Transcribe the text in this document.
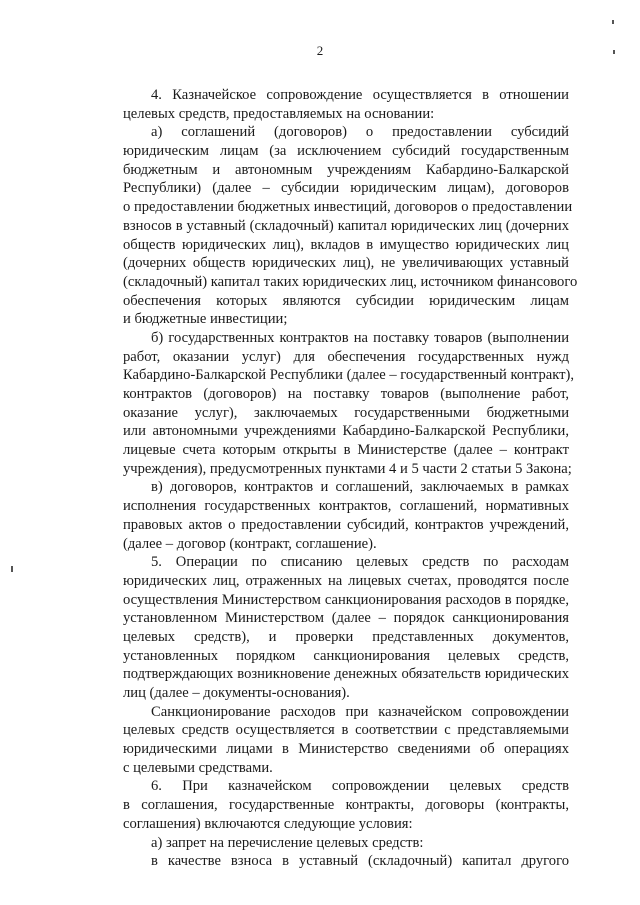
2
4. Казначейское сопровождение осуществляется в отношении
целевых средств, предоставляемых на основании:
а) соглашений (договоров) о предоставлении субсидий
юридическим лицам (за исключением субсидий государственным
бюджетным и автономным учреждениям Кабардино-Балкарской
Республики) (далее – субсидии юридическим лицам), договоров
о предоставлении бюджетных инвестиций, договоров о предоставлении
взносов в уставный (складочный) капитал юридических лиц (дочерних
обществ юридических лиц), вкладов в имущество юридических лиц
(дочерних обществ юридических лиц), не увеличивающих уставный
(складочный) капитал таких юридических лиц, источником финансового
обеспечения которых являются субсидии юридическим лицам
и бюджетные инвестиции;
б) государственных контрактов на поставку товаров (выполнении
работ, оказании услуг) для обеспечения государственных нужд
Кабардино-Балкарской Республики (далее – государственный контракт),
контрактов (договоров) на поставку товаров (выполнение работ,
оказание услуг), заключаемых государственными бюджетными
или автономными учреждениями Кабардино-Балкарской Республики,
лицевые счета которым открыты в Министерстве (далее – контракт
учреждения), предусмотренных пунктами 4 и 5 части 2 статьи 5 Закона;
в) договоров, контрактов и соглашений, заключаемых в рамках
исполнения государственных контрактов, соглашений, нормативных
правовых актов о предоставлении субсидий, контрактов учреждений,
(далее – договор (контракт, соглашение).
5. Операции по списанию целевых средств по расходам
юридических лиц, отраженных на лицевых счетах, проводятся после
осуществления Министерством санкционирования расходов в порядке,
установленном Министерством (далее – порядок санкционирования
целевых средств), и проверки представленных документов,
установленных порядком санкционирования целевых средств,
подтверждающих возникновение денежных обязательств юридических
лиц (далее – документы-основания).
Санкционирование расходов при казначейском сопровождении
целевых средств осуществляется в соответствии с представляемыми
юридическими лицами в Министерство сведениями об операциях
с целевыми средствами.
6. При казначейском сопровождении целевых средств
в соглашения, государственные контракты, договоры (контракты,
соглашения) включаются следующие условия:
а) запрет на перечисление целевых средств:
в качестве взноса в уставный (складочный) капитал другого
